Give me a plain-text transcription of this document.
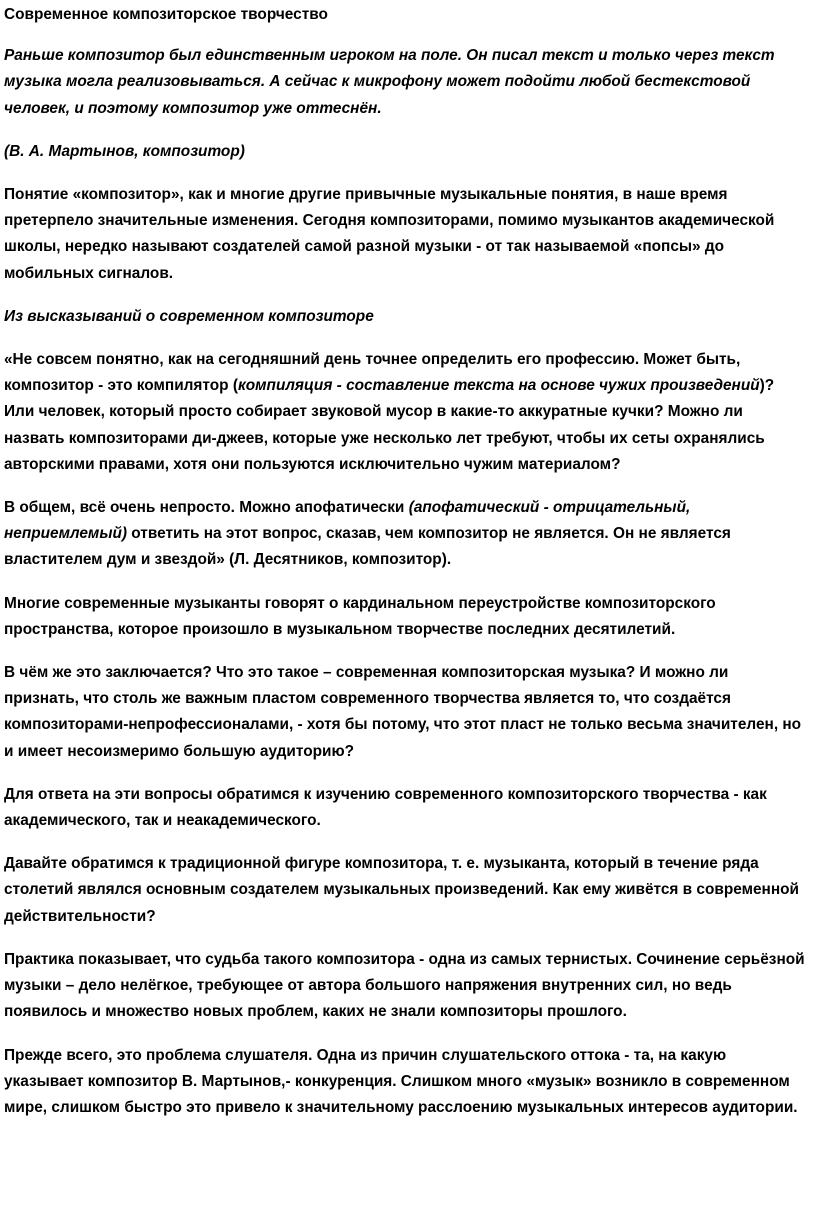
Современное композиторское творчество

Раньше композитор был единственным игроком на поле. Он писал текст и только через текст музыка могла реализовываться. А сейчас к микрофону может подойти любой бестекстовой человек, и поэтому композитор уже оттеснён.

(В. А. Мартынов, композитор)

Понятие «композитор», как и многие другие привычные музыкальные понятия, в наше время претерпело значительные изменения. Сегодня композиторами, помимо музыкантов академической школы, нередко называют создателей самой разной музыки - от так называемой «попсы» до мобильных сигналов.

Из высказываний о современном композиторе

«Не совсем понятно, как на сегодняшний день точнее определить его профессию. Может быть, композитор - это компилятор (компиляция - составление текста на основе чужих произведений)? Или человек, который просто собирает звуковой мусор в какие-то аккуратные кучки? Можно ли назвать композиторами ди-джеев, которые уже несколько лет требуют, чтобы их сеты охранялись авторскими правами, хотя они пользуются исключительно чужим материалом?

В общем, всё очень непросто. Можно апофатически (апофатический - отрицательный, неприемлемый) ответить на этот вопрос, сказав, чем композитор не является. Он не является властителем дум и звездой» (Л. Десятников, композитор).

Многие современные музыканты говорят о кардинальном переустройстве композиторского пространства, которое произошло в музыкальном творчестве последних десятилетий.

В чём же это заключается? Что это такое – современная композиторская музыка? И можно ли признать, что столь же важным пластом современного творчества является то, что создаётся композиторами-непрофессионалами, - хотя бы потому, что этот пласт не только весьма значителен, но и имеет несоизмеримо большую аудиторию?

Для ответа на эти вопросы обратимся к изучению современного композиторского творчества - как академического, так и неакадемического.

Давайте обратимся к традиционной фигуре композитора, т. е. музыканта, который в течение ряда столетий являлся основным создателем музыкальных произведений. Как ему живётся в современной действительности?

Практика показывает, что судьба такого композитора - одна из самых тернистых. Сочинение серьёзной музыки – дело нелёгкое, требующее от автора большого напряжения внутренних сил, но ведь появилось и множество новых проблем, каких не знали композиторы прошлого.

Прежде всего, это проблема слушателя. Одна из причин слушательского оттока - та, на какую указывает композитор В. Мартынов,- конкуренция. Слишком много «музык» возникло в современном мире, слишком быстро это привело к значительному расслоению музыкальных интересов аудитории.
